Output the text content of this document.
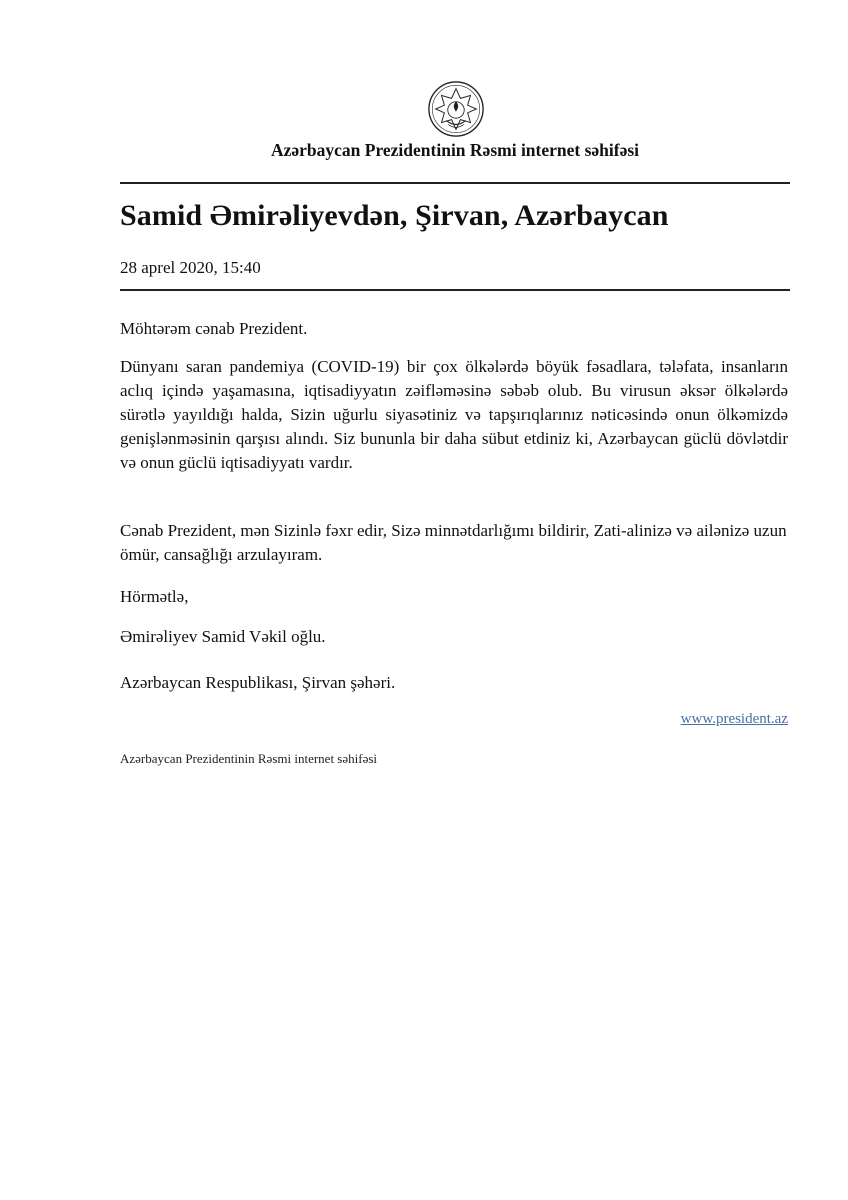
Azərbaycan Prezidentinin Rəsmi internet səhifəsi
Samid Əmirəliyevdən, Şirvan, Azərbaycan
28 aprel 2020, 15:40

Möhtərəm cənab Prezident.

Dünyanı saran pandemiya (COVID-19) bir çox ölkələrdə böyük fəsadlara, tələfata, insanların aclıq içində yaşamasına, iqtisadiyyatın zəifləməsinə səbəb olub. Bu virusun əksər ölkələrdə sürətlə yayıldığı halda, Sizin uğurlu siyasətiniz və tapşırıqlarınız nəticəsində onun ölkəmizdə genişlənməsinin qarşısı alındı. Siz bununla bir daha sübut etdiniz ki, Azərbaycan güclü dövlətdir və onun güclü iqtisadiyyatı vardır.

Cənab Prezident, mən Sizinlə fəxr edir, Sizə minnətdarlığımı bildirir, Zati-alinizə və ailənizə uzun ömür, cansağlığı arzulayıram.

Hörmətlə,

Əmirəliyev Samid Vəkil oğlu.

Azərbaycan Respublikası, Şirvan şəhəri.

www.president.az
Azərbaycan Prezidentinin Rəsmi internet səhifəsi
